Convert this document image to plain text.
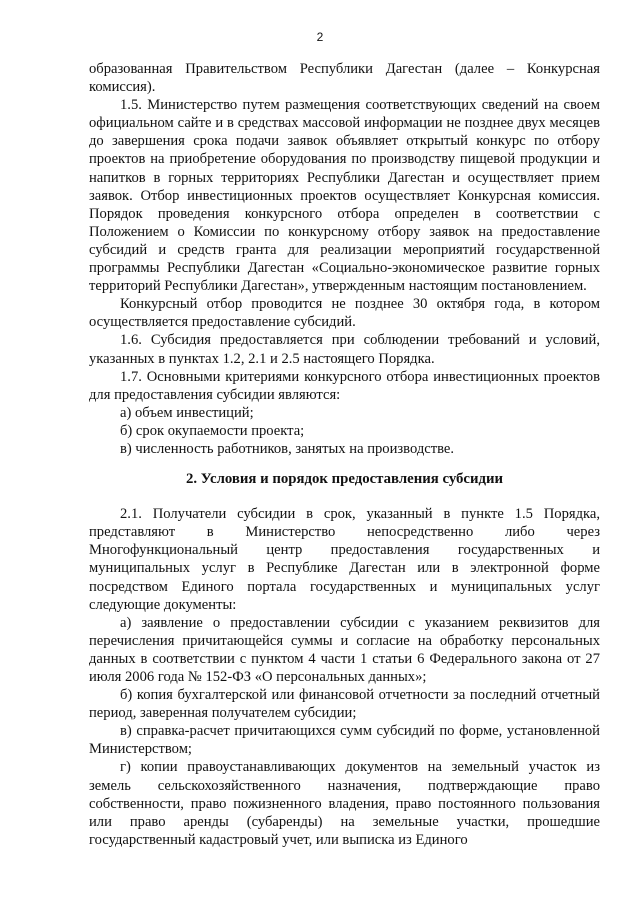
2

образованная Правительством Республики Дагестан (далее – Конкурсная комиссия).

1.5. Министерство путем размещения соответствующих сведений на своем официальном сайте и в средствах массовой информации не позднее двух месяцев до завершения срока подачи заявок объявляет открытый конкурс по отбору проектов на приобретение оборудования по производству пищевой продукции и напитков в горных территориях Республики Дагестан и осуществляет прием заявок. Отбор инвестиционных проектов осуществляет Конкурсная комиссия. Порядок проведения конкурсного отбора определен в соответствии с Положением о Комиссии по конкурсному отбору заявок на предоставление субсидий и средств гранта для реализации мероприятий государственной программы Республики Дагестан «Социально-экономическое развитие горных территорий Республики Дагестан», утвержденным настоящим постановлением.

Конкурсный отбор проводится не позднее 30 октября года, в котором осуществляется предоставление субсидий.

1.6. Субсидия предоставляется при соблюдении требований и условий, указанных в пунктах 1.2, 2.1 и 2.5 настоящего Порядка.

1.7. Основными критериями конкурсного отбора инвестиционных проектов для предоставления субсидии являются:

а) объем инвестиций;

б) срок окупаемости проекта;

в) численность работников, занятых на производстве.

2. Условия и порядок предоставления субсидии

2.1. Получатели субсидии в срок, указанный в пункте 1.5 Порядка, представляют в Министерство непосредственно либо через Многофункциональный центр предоставления государственных и муниципальных услуг в Республике Дагестан или в электронной форме посредством Единого портала государственных и муниципальных услуг следующие документы:

а) заявление о предоставлении субсидии с указанием реквизитов для перечисления причитающейся суммы и согласие на обработку персональных данных в соответствии с пунктом 4 части 1 статьи 6 Федерального закона от 27 июля 2006 года № 152-ФЗ «О персональных данных»;

б) копия бухгалтерской или финансовой отчетности за последний отчетный период, заверенная получателем субсидии;

в) справка-расчет причитающихся сумм субсидий по форме, установленной Министерством;

г) копии правоустанавливающих документов на земельный участок из земель сельскохозяйственного назначения, подтверждающие право собственности, право пожизненного владения, право постоянного пользования или право аренды (субаренды) на земельные участки, прошедшие государственный кадастровый учет, или выписка из Единого
